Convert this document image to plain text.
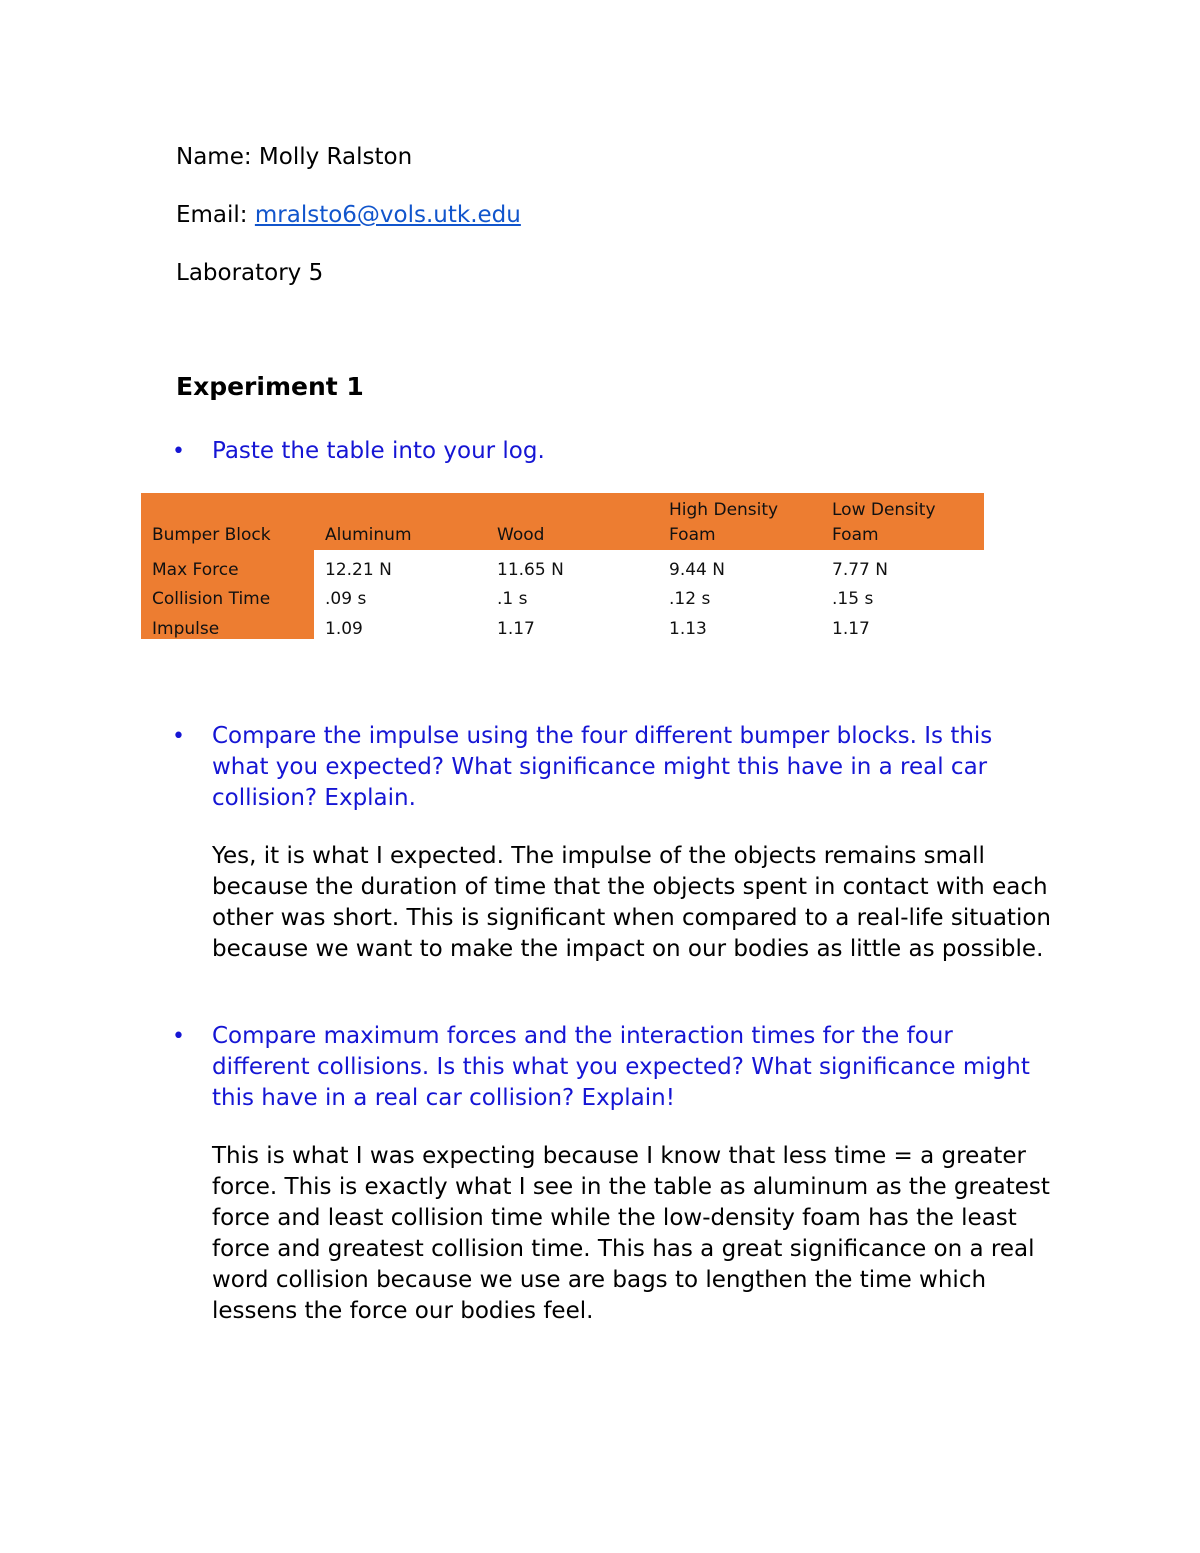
Name: Molly Ralston
Email: mralsto6@vols.utk.edu
Laboratory 5
Experiment 1
• Paste the table into your log.
Bumper Block	Aluminum	Wood	High Density Foam	Low Density Foam
Max Force	12.21 N	11.65 N	9.44 N	7.77 N
Collision Time	.09 s	.1 s	.12 s	.15 s
Impulse	1.09	1.17	1.13	1.17
• Compare the impulse using the four different bumper blocks. Is this what you expected? What significance might this have in a real car collision? Explain.
Yes, it is what I expected. The impulse of the objects remains small because the duration of time that the objects spent in contact with each other was short. This is significant when compared to a real-life situation because we want to make the impact on our bodies as little as possible.
• Compare maximum forces and the interaction times for the four different collisions. Is this what you expected? What significance might this have in a real car collision? Explain!
This is what I was expecting because I know that less time = a greater force. This is exactly what I see in the table as aluminum as the greatest force and least collision time while the low-density foam has the least force and greatest collision time. This has a great significance on a real word collision because we use are bags to lengthen the time which lessens the force our bodies feel.
